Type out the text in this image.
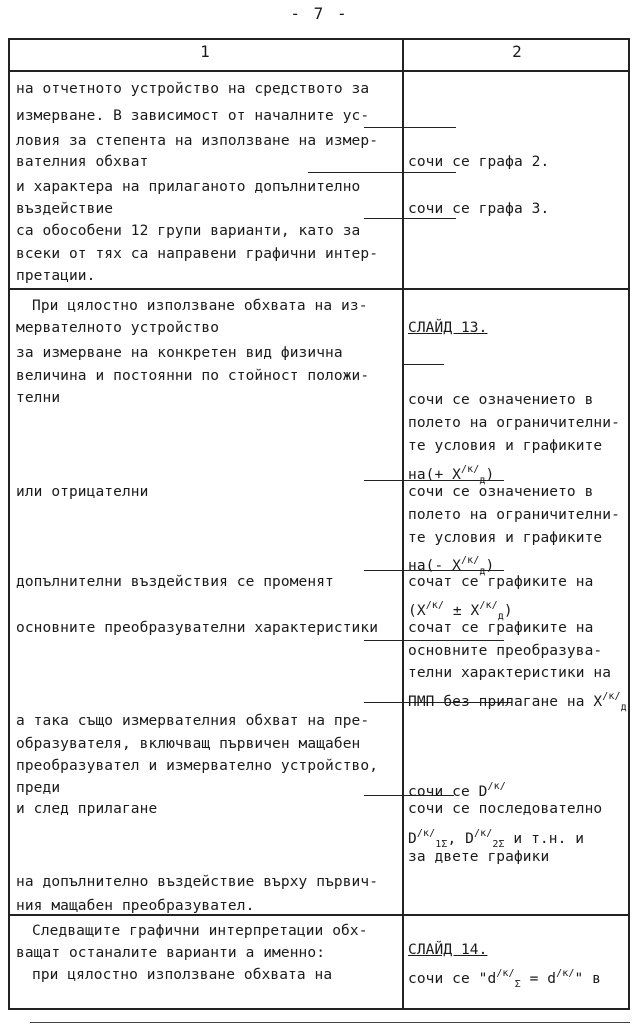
- 7 -
1	2
на отчетното устройство на средството за
измерване. В зависимост от началните ус-
ловия за степента на използване на измер-
вателния обхват
и характера на прилаганото допълнително
въздействие
са обособени 12 групи варианти, като за
всеки от тях са направени графични интер-
претации.
При цялостно използване обхвата на из-
мервателното устройство
за измерване на конкретен вид физична
величина и постоянни по стойност положи-
телни
или отрицателни
допълнителни въздействия се променят
основните преобразувателни характеристики
а така също измервателния обхват на пре-
образувателя, включващ първичен мащабен
преобразувател и измервателно устройство,
преди
и след прилагане
на допълнително въздействие върху първич-
ния мащабен преобразувател.
Следващите графични интерпретации обх-
ващат останалите варианти а именно:
при цялостно използване обхвата на
сочи се графа 2.
сочи се графа 3.
СЛАЙД 13.
сочи се означението в
полето на ограничителни-
те условия и графиките
$на(+ Х^{/к/}_д)$
сочи се означението в
полето на ограничителни-
те условия и графиките
на(- $Х^{/к/}_д$)
сочат се графиките на
$(Х^{/к/} \pm Х^{/к/}_д)$
сочат се графиките на
основните преобразува-
телни характеристики на
ПМП без прилагане на $Х^{/к/}_д$
сочи се $D^{/к/}$
сочи се последователно
$D^{/к/}_{1\Sigma}$, $D^{/к/}_{2\Sigma}$ и т.н. и
за двете графики
СЛАЙД 14.
сочи се "$d^{/к/}_\Sigma = d^{/к/}$" в
